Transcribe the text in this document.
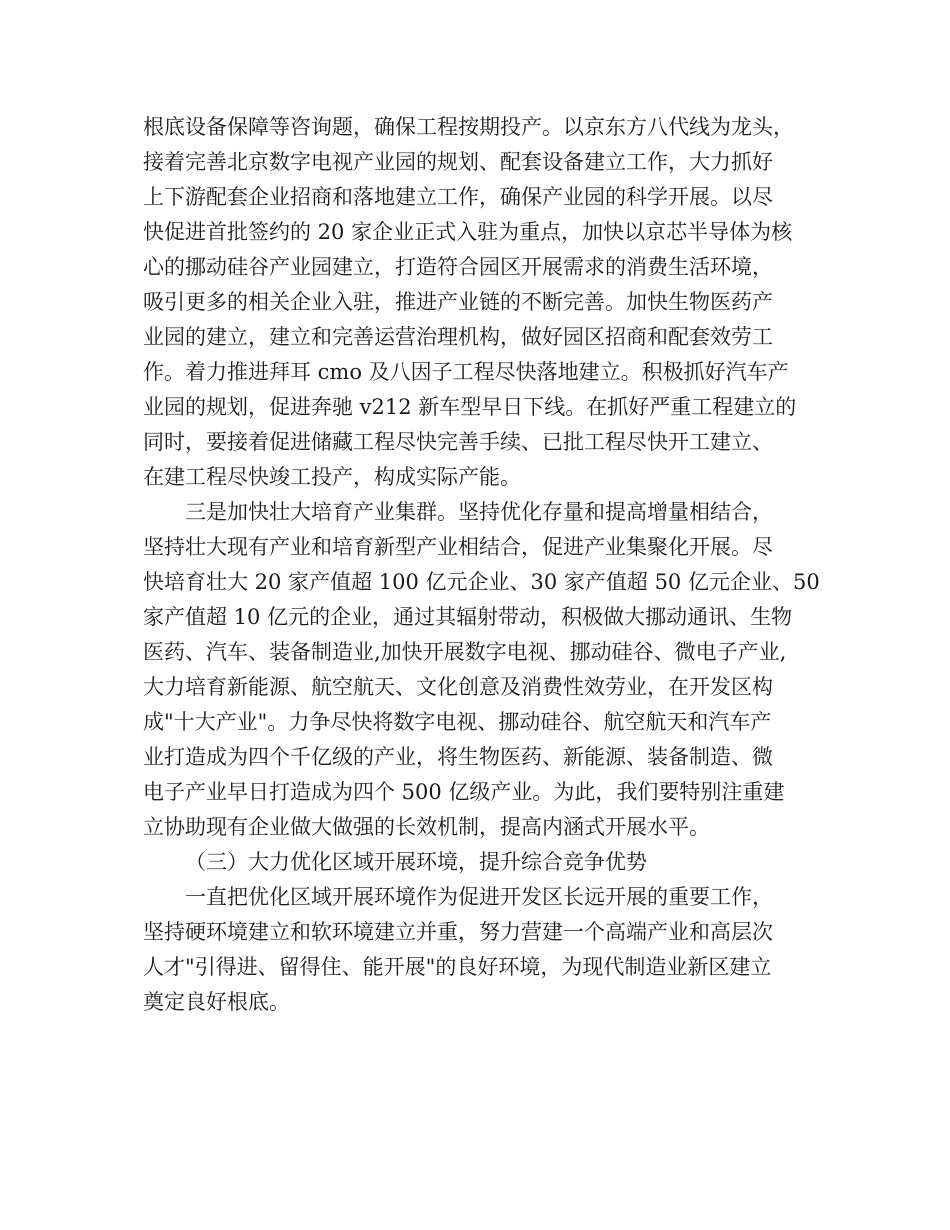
根底设备保障等咨询题，确保工程按期投产。以京东方八代线为龙头，
接着完善北京数字电视产业园的规划、配套设备建立工作，大力抓好
上下游配套企业招商和落地建立工作，确保产业园的科学开展。以尽
快促进首批签约的 20 家企业正式入驻为重点，加快以京芯半导体为核
心的挪动硅谷产业园建立，打造符合园区开展需求的消费生活环境，
吸引更多的相关企业入驻，推进产业链的不断完善。加快生物医药产
业园的建立，建立和完善运营治理机构，做好园区招商和配套效劳工
作。着力推进拜耳 cmo 及八因子工程尽快落地建立。积极抓好汽车产
业园的规划，促进奔驰 v212 新车型早日下线。在抓好严重工程建立的
同时，要接着促进储藏工程尽快完善手续、已批工程尽快开工建立、
在建工程尽快竣工投产，构成实际产能。
三是加快壮大培育产业集群。坚持优化存量和提高增量相结合，
坚持壮大现有产业和培育新型产业相结合，促进产业集聚化开展。尽
快培育壮大 20 家产值超 100 亿元企业、30 家产值超 50 亿元企业、50
家产值超 10 亿元的企业，通过其辐射带动，积极做大挪动通讯、生物
医药、汽车、装备制造业,加快开展数字电视、挪动硅谷、微电子产业,
大力培育新能源、航空航天、文化创意及消费性效劳业，在开发区构
成"十大产业"。力争尽快将数字电视、挪动硅谷、航空航天和汽车产
业打造成为四个千亿级的产业，将生物医药、新能源、装备制造、微
电子产业早日打造成为四个 500 亿级产业。为此，我们要特别注重建
立协助现有企业做大做强的长效机制，提高内涵式开展水平。
（三）大力优化区域开展环境，提升综合竞争优势
一直把优化区域开展环境作为促进开发区长远开展的重要工作，
坚持硬环境建立和软环境建立并重，努力营建一个高端产业和高层次
人才"引得进、留得住、能开展"的良好环境，为现代制造业新区建立
奠定良好根底。
